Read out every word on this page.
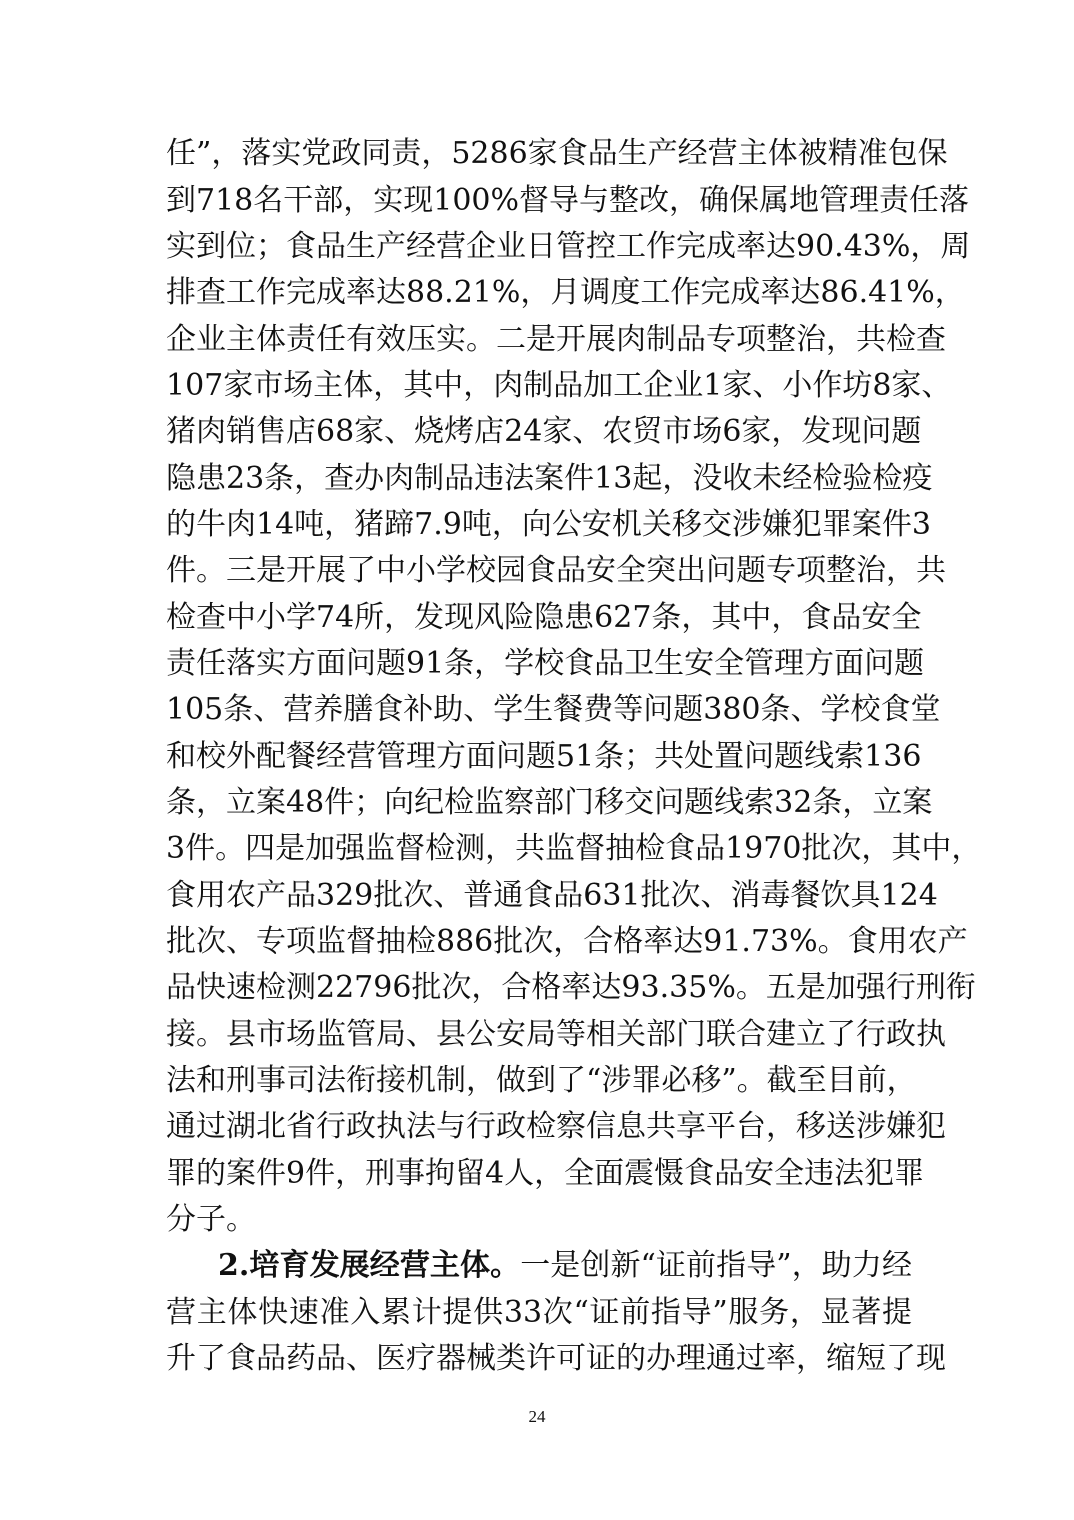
任”，落实党政同责，5286家食品生产经营主体被精准包保
到718名干部，实现100%督导与整改，确保属地管理责任落
实到位；食品生产经营企业日管控工作完成率达90.43%，周
排查工作完成率达88.21%，月调度工作完成率达86.41%，
企业主体责任有效压实。二是开展肉制品专项整治，共检查
107家市场主体，其中，肉制品加工企业1家、小作坊8家、
猪肉销售店68家、烧烤店24家、农贸市场6家，发现问题
隐患23条，查办肉制品违法案件13起，没收未经检验检疫
的牛肉14吨，猪蹄7.9吨，向公安机关移交涉嫌犯罪案件3
件。三是开展了中小学校园食品安全突出问题专项整治，共
检查中小学74所，发现风险隐患627条，其中，食品安全
责任落实方面问题91条，学校食品卫生安全管理方面问题
105条、营养膳食补助、学生餐费等问题380条、学校食堂
和校外配餐经营管理方面问题51条；共处置问题线索136
条，立案48件；向纪检监察部门移交问题线索32条，立案
3件。四是加强监督检测，共监督抽检食品1970批次，其中，
食用农产品329批次、普通食品631批次、消毒餐饮具124
批次、专项监督抽检886批次，合格率达91.73%。食用农产
品快速检测22796批次，合格率达93.35%。五是加强行刑衔
接。县市场监管局、县公安局等相关部门联合建立了行政执
法和刑事司法衔接机制，做到了“涉罪必移”。截至目前，
通过湖北省行政执法与行政检察信息共享平台，移送涉嫌犯
罪的案件9件，刑事拘留4人，全面震慑食品安全违法犯罪
分子。
2.培育发展经营主体。一是创新“证前指导”，助力经
营主体快速准入累计提供33次“证前指导”服务，显著提
升了食品药品、医疗器械类许可证的办理通过率，缩短了现
24
